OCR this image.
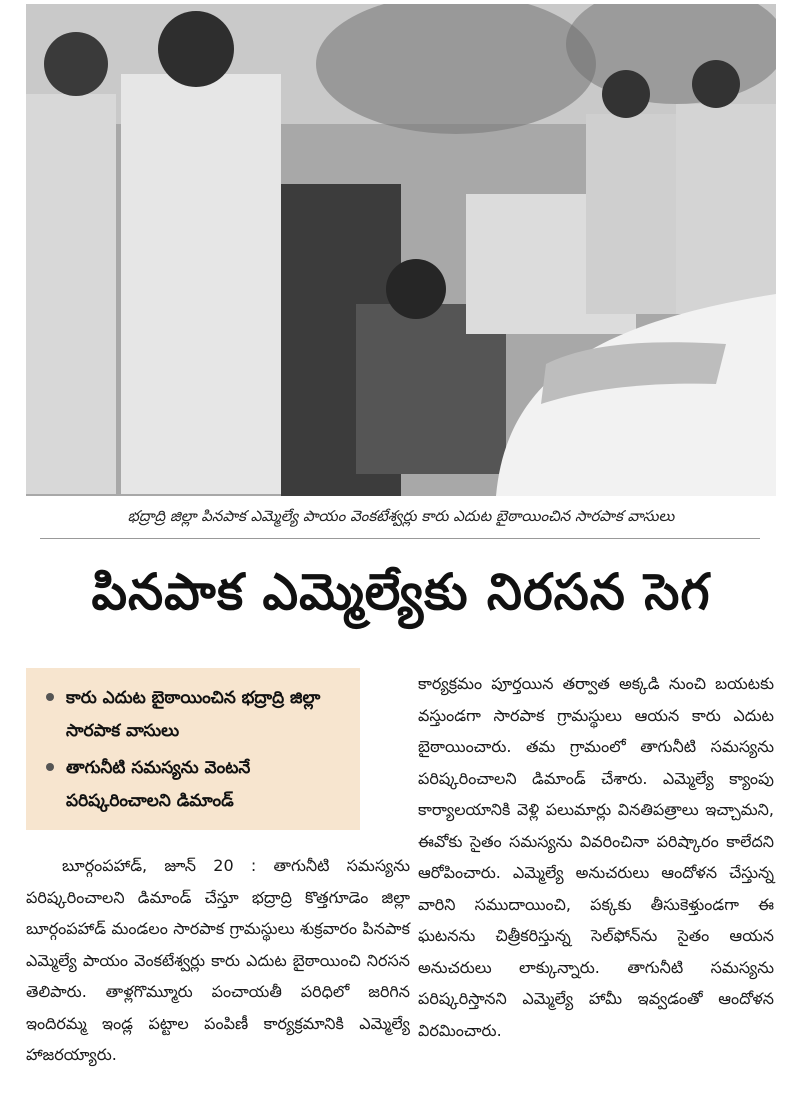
భద్రాద్రి జిల్లా పినపాక ఎమ్మెల్యే పాయం వెంకటేశ్వర్లు కారు ఎదుట బైఠాయించిన సారపాక వాసులు
పినపాక ఎమ్మెల్యేకు నిరసన సెగ
కారు ఎదుట బైఠాయించిన భద్రాద్రి జిల్లా సారపాక వాసులు
తాగునీటి సమస్యను వెంటనే పరిష్కరించాలని డిమాండ్
బూర్గంపహాడ్, జూన్ 20 : తాగునీటి సమస్యను పరిష్కరించాలని డిమాండ్ చేస్తూ భద్రాద్రి కొత్తగూడెం జిల్లా బూర్గంపహాడ్ మండలం సారపాక గ్రామస్థులు శుక్రవారం పినపాక ఎమ్మెల్యే పాయం వెంకటేశ్వర్లు కారు ఎదుట బైఠాయించి నిరసన తెలిపారు. తాళ్లగొమ్మూరు పంచాయతీ పరిధిలో జరిగిన ఇందిరమ్మ ఇండ్ల పట్టాల పంపిణీ కార్యక్రమానికి ఎమ్మెల్యే హాజరయ్యారు.
కార్యక్రమం పూర్తయిన తర్వాత అక్కడి నుంచి బయటకు వస్తుండగా సారపాక గ్రామస్థులు ఆయన కారు ఎదుట బైఠాయించారు. తమ గ్రామంలో తాగునీటి సమస్యను పరిష్కరించాలని డిమాండ్ చేశారు. ఎమ్మెల్యే క్యాంపు కార్యాలయానికి వెళ్లి పలుమార్లు వినతిపత్రాలు ఇచ్చామని, ఈవోకు సైతం సమస్యను వివరించినా పరిష్కారం కాలేదని ఆరోపించారు. ఎమ్మెల్యే అనుచరులు ఆందోళన చేస్తున్న వారిని సముదాయించి, పక్కకు తీసుకెళ్తుండగా ఈ ఘటనను చిత్రీకరిస్తున్న సెల్‌ఫోన్‌ను సైతం ఆయన అనుచరులు లాక్కున్నారు. తాగునీటి సమస్యను పరిష్కరిస్తానని ఎమ్మెల్యే హామీ ఇవ్వడంతో ఆందోళన విరమించారు.
